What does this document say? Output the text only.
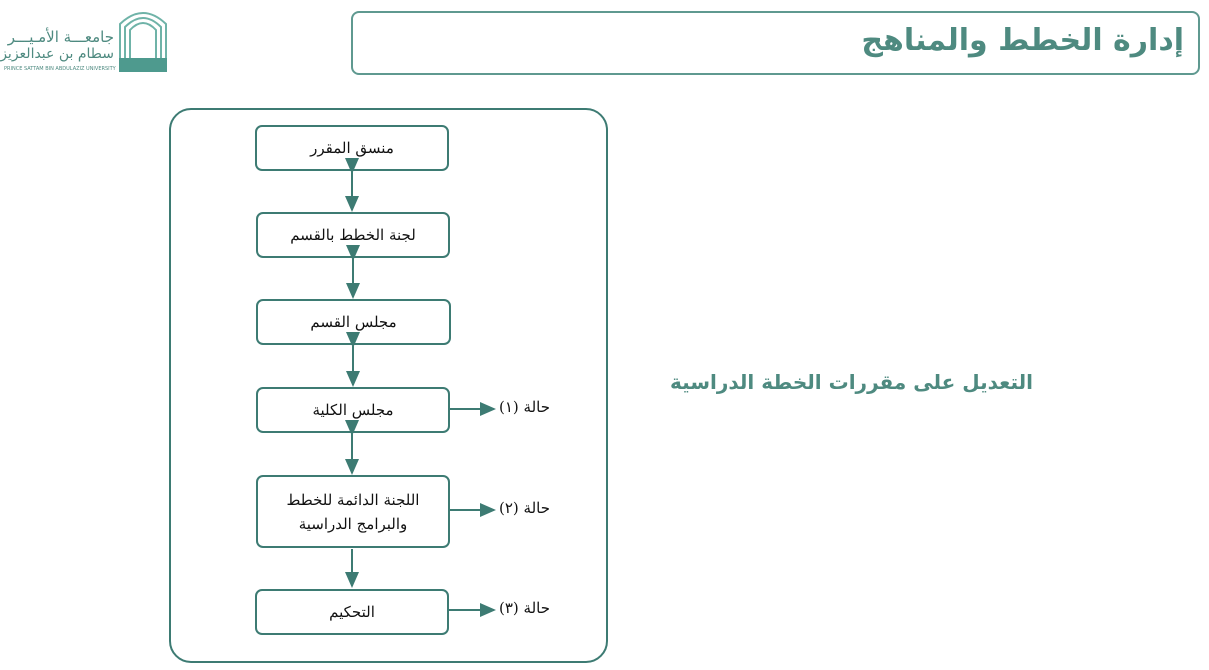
إدارة الخطط والمناهج
جامعـــة الأمـيـــر
سطام بن عبدالعزيز
PRINCE SATTAM BIN ABDULAZIZ UNIVERSITY
منسق المقرر
لجنة الخطط بالقسم
مجلس القسم
مجلس الكلية
اللجنة الدائمة للخطط والبرامج الدراسية
التحكيم
حالة (١)
حالة (٢)
حالة (٣)
التعديل على مقررات الخطة الدراسية
